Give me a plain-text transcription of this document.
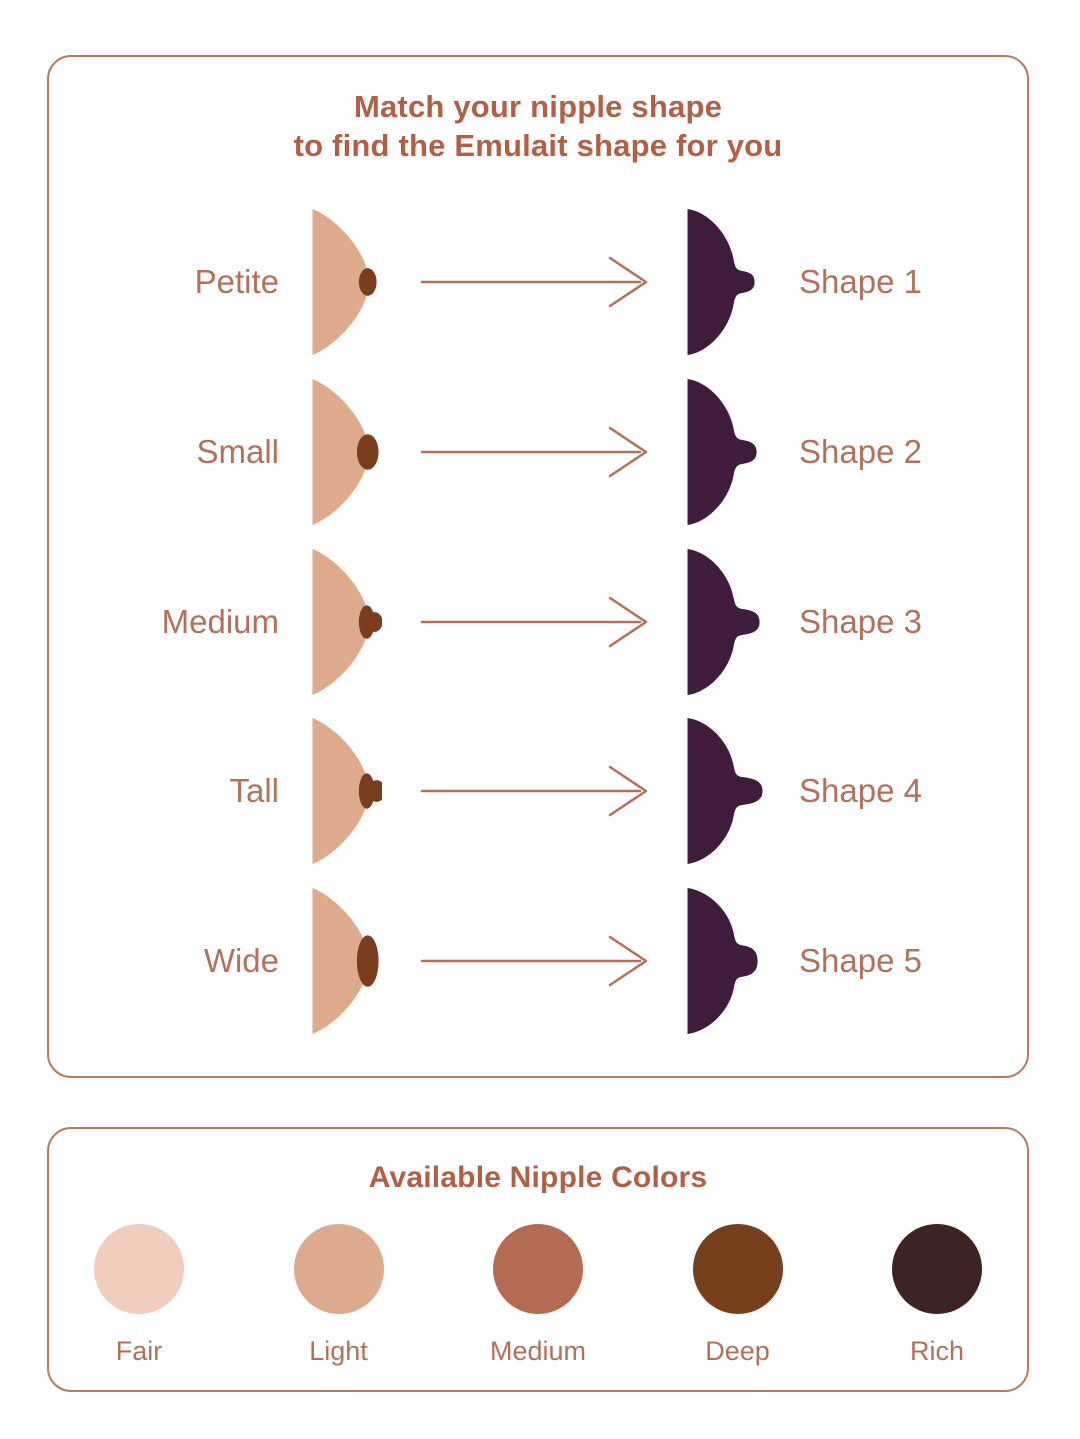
Match your nipple shape
to find the Emulait shape for you
Petite	Shape 1
Small	Shape 2
Medium	Shape 3
Tall	Shape 4
Wide	Shape 5
Available Nipple Colors
Fair	Light	Medium	Deep	Rich
